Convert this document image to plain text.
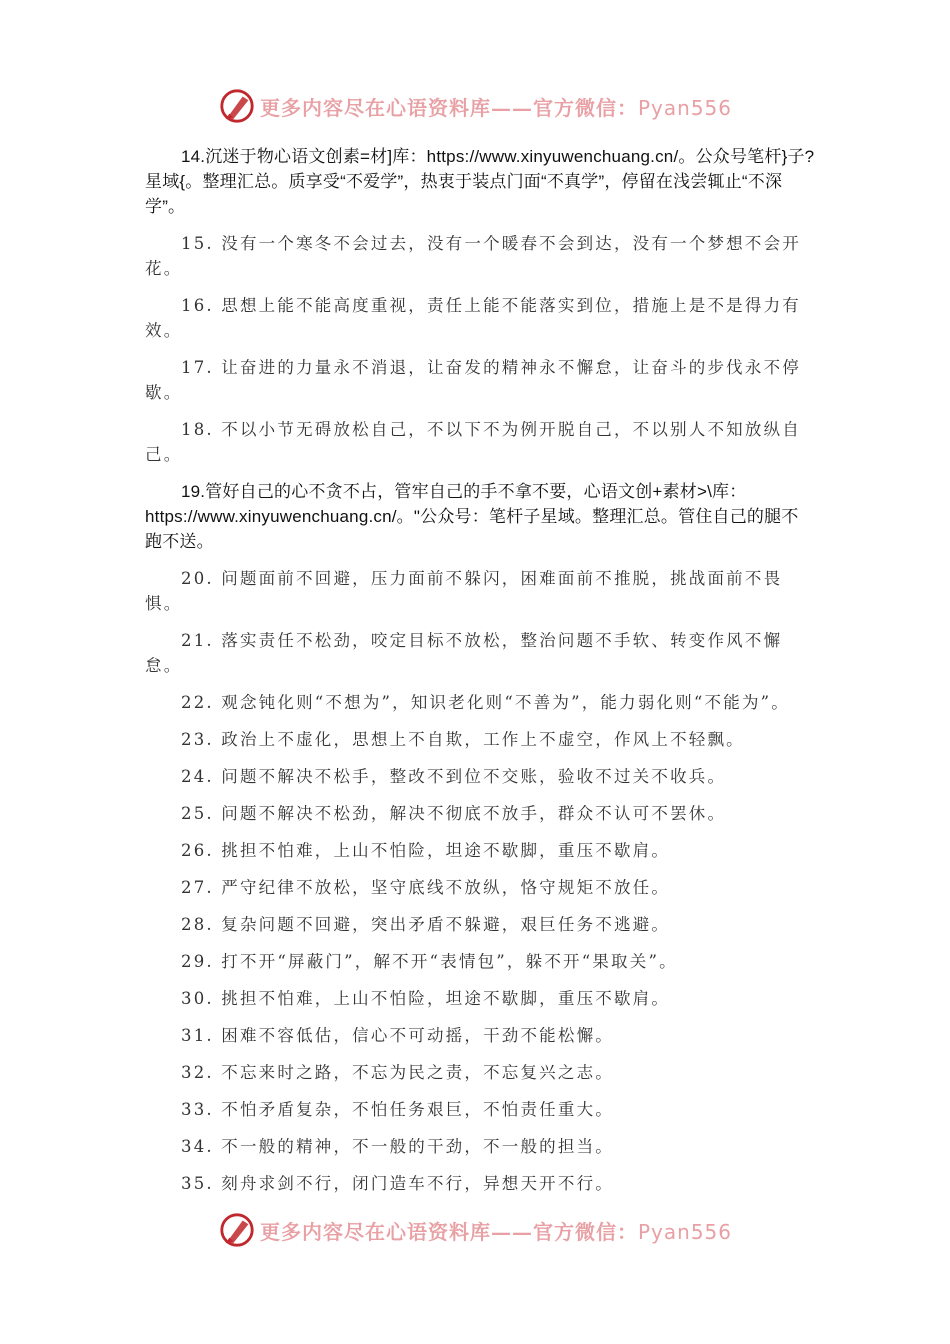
更多内容尽在心语资料库——官方微信：Pyan556

14.沉迷于物心语文创素=材]库：https://www.xinyuwenchuang.cn/。公众号笔杆}子?星域{。整理汇总。质享受“不爱学”，热衷于装点门面“不真学”，停留在浅尝辄止“不深学”。

15. 没有一个寒冬不会过去，没有一个暖春不会到达，没有一个梦想不会开花。

16. 思想上能不能高度重视，责任上能不能落实到位，措施上是不是得力有效。

17. 让奋进的力量永不消退，让奋发的精神永不懈怠，让奋斗的步伐永不停歇。

18. 不以小节无碍放松自己，不以下不为例开脱自己，不以别人不知放纵自己。

19.管好自己的心不贪不占，管牢自己的手不拿不要，心语文创+素材>\库：https://www.xinyuwenchuang.cn/。"公众号：笔杆子星域。整理汇总。管住自己的腿不跑不送。

20. 问题面前不回避，压力面前不躲闪，困难面前不推脱，挑战面前不畏惧。

21. 落实责任不松劲，咬定目标不放松，整治问题不手软、转变作风不懈怠。

22. 观念钝化则“不想为”，知识老化则“不善为”，能力弱化则“不能为”。

23. 政治上不虚化，思想上不自欺，工作上不虚空，作风上不轻飘。

24. 问题不解决不松手，整改不到位不交账，验收不过关不收兵。

25. 问题不解决不松劲，解决不彻底不放手，群众不认可不罢休。

26. 挑担不怕难，上山不怕险，坦途不歇脚，重压不歇肩。

27. 严守纪律不放松，坚守底线不放纵，恪守规矩不放任。

28. 复杂问题不回避，突出矛盾不躲避，艰巨任务不逃避。

29. 打不开“屏蔽门”，解不开“表情包”，躲不开“果取关”。

30. 挑担不怕难，上山不怕险，坦途不歇脚，重压不歇肩。

31. 困难不容低估，信心不可动摇，干劲不能松懈。

32. 不忘来时之路，不忘为民之责，不忘复兴之志。

33. 不怕矛盾复杂，不怕任务艰巨，不怕责任重大。

34. 不一般的精神，不一般的干劲，不一般的担当。

35. 刻舟求剑不行，闭门造车不行，异想天开不行。

更多内容尽在心语资料库——官方微信：Pyan556
